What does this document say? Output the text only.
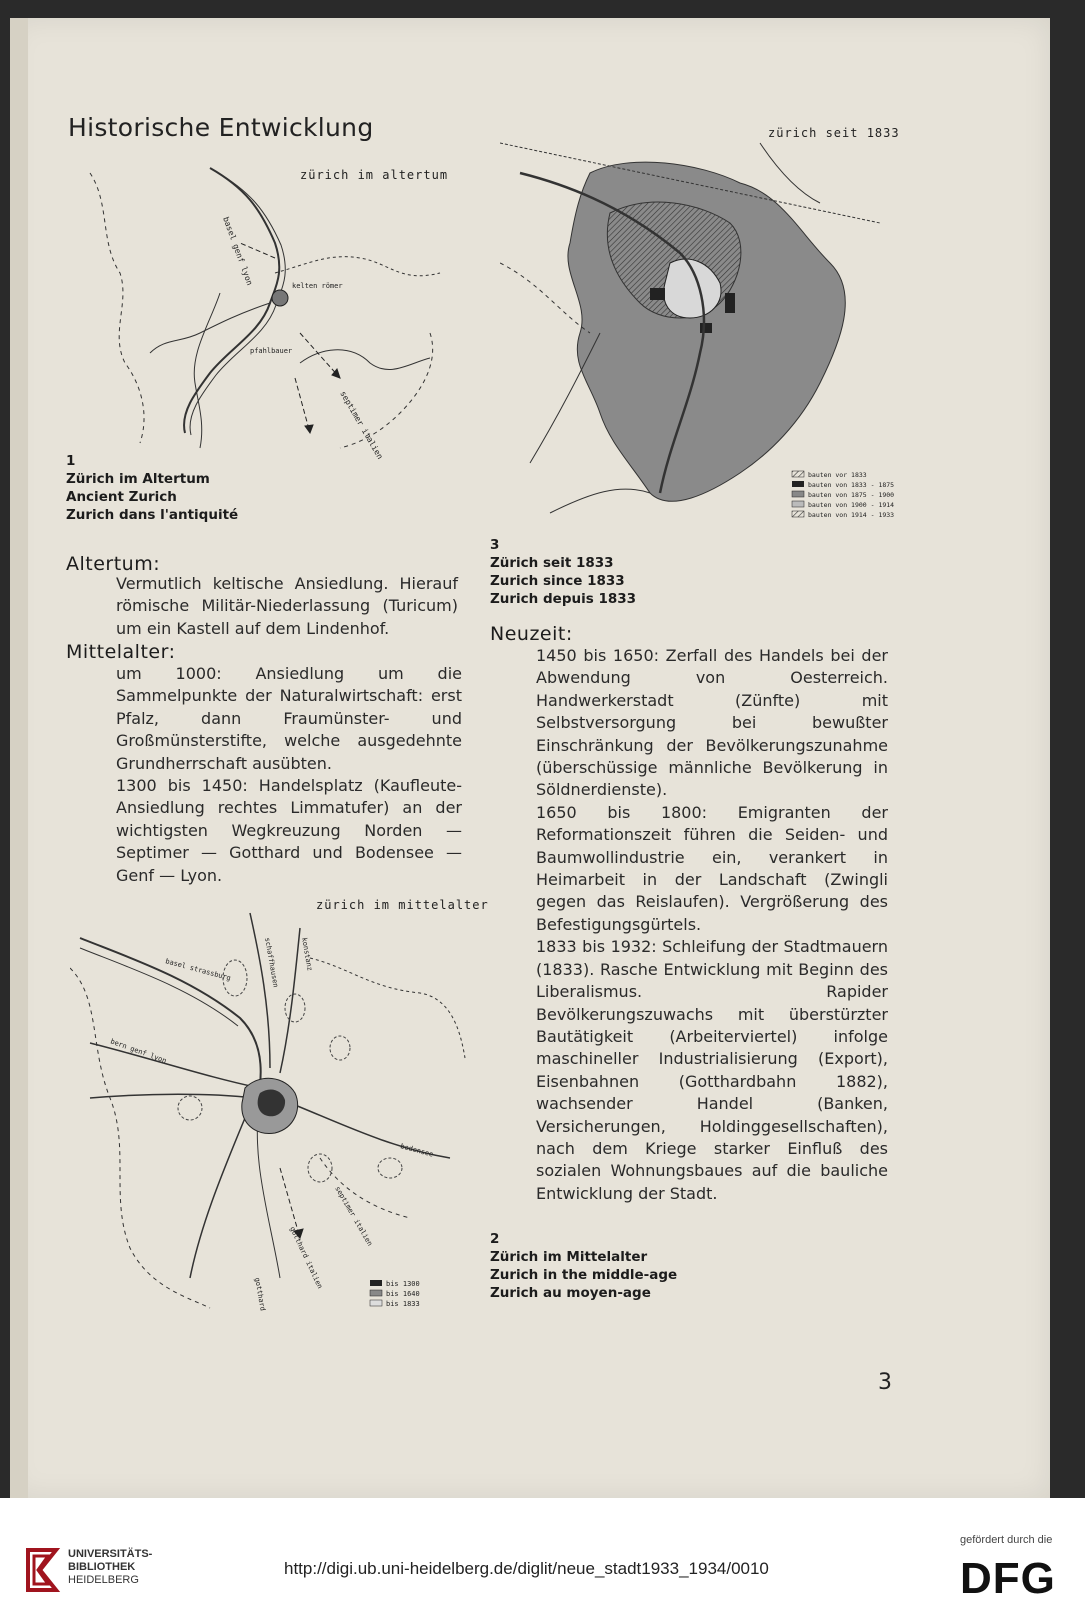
Historische Entwicklung
zürich im altertum
basel genf lyon	kelten römer
pfahlbauer
septimer italien
1
Zürich im Altertum
Ancient Zurich
Zurich dans l'antiquité
bauten vor 1833
bauten von 1833 - 1875
bauten von 1875 - 1900
bauten von 1900 - 1914
bauten von 1914 - 1933
zürich seit 1833
3
Zürich seit 1833
Zurich since 1833
Zurich depuis 1833
Altertum:

Vermutlich keltische Ansiedlung. Hierauf römische Militär-Niederlassung (Turicum) um ein Kastell auf dem Lindenhof.

Mittelalter:

um 1000: Ansiedlung um die Sammelpunkte der Naturalwirtschaft: erst Pfalz, dann Fraumünster- und Großmünsterstifte, welche ausgedehnte Grundherrschaft ausübten.

1300 bis 1450: Handelsplatz (Kaufleute-Ansiedlung rechtes Limmatufer) an der wichtigsten Wegkreuzung Norden — Septimer — Gotthard und Bodensee — Genf — Lyon.

Neuzeit:

1450 bis 1650: Zerfall des Handels bei der Abwendung von Oesterreich. Handwerkerstadt (Zünfte) mit Selbstversorgung bei bewußter Einschränkung der Bevölkerungszunahme (überschüssige männliche Bevölkerung in Söldnerdienste).

1650 bis 1800: Emigranten der Reformationszeit führen die Seiden- und Baumwollindustrie ein, verankert in Heimarbeit in der Landschaft (Zwingli gegen das Reislaufen). Vergrößerung des Befestigungsgürtels.

1833 bis 1932: Schleifung der Stadtmauern (1833). Rasche Entwicklung mit Beginn des Liberalismus. Rapider Bevölkerungszuwachs mit überstürzter Bautätigkeit (Arbeiterviertel) infolge maschineller Industrialisierung (Export), Eisenbahnen (Gotthardbahn 1882), wachsender Handel (Banken, Versicherungen, Holdinggesellschaften), nach dem Kriege starker Einfluß des sozialen Wohnungsbaues auf die bauliche Entwicklung der Stadt.

zürich im mittelalter
basel strassburg	schaffhausen	konstanz
bern genf lyon
bodensee
septimer italien
gotthard italien
gotthard	bis 1300
bis 1640
bis 1833
2
Zürich im Mittelalter
Zurich in the middle-age
Zurich au moyen-age
3
UNIVERSITÄTS-
BIBLIOTHEK
HEIDELBERG
http://digi.ub.uni-heidelberg.de/diglit/neue_stadt1933_1934/0010
gefördert durch die
DFG
